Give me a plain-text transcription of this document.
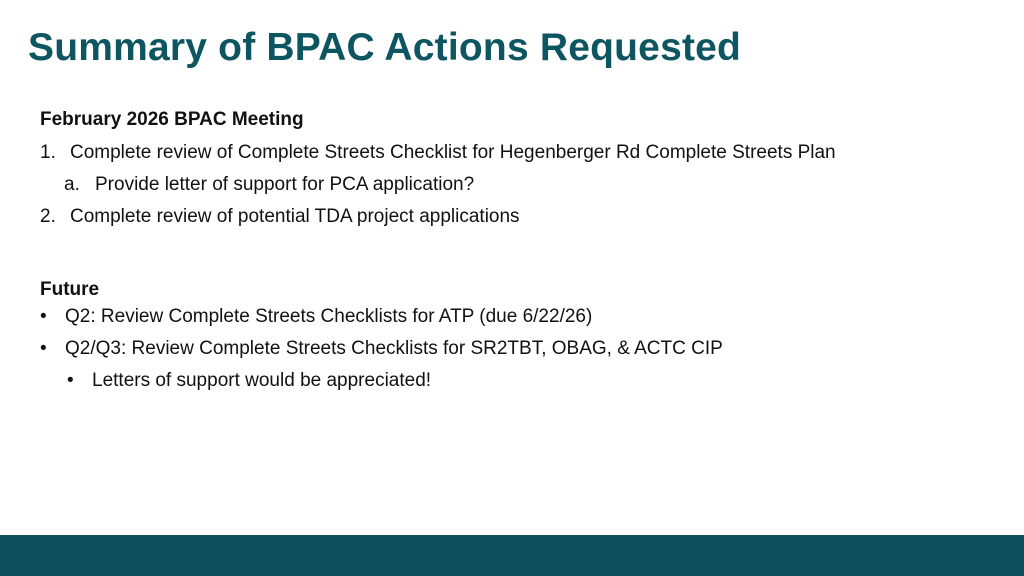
Summary of BPAC Actions Requested
February 2026 BPAC Meeting
1. Complete review of Complete Streets Checklist for Hegenberger Rd Complete Streets Plan
a. Provide letter of support for PCA application?
2. Complete review of potential TDA project applications
Future
• Q2: Review Complete Streets Checklists for ATP (due 6/22/26)
• Q2/Q3: Review Complete Streets Checklists for SR2TBT, OBAG, & ACTC CIP
• Letters of support would be appreciated!
